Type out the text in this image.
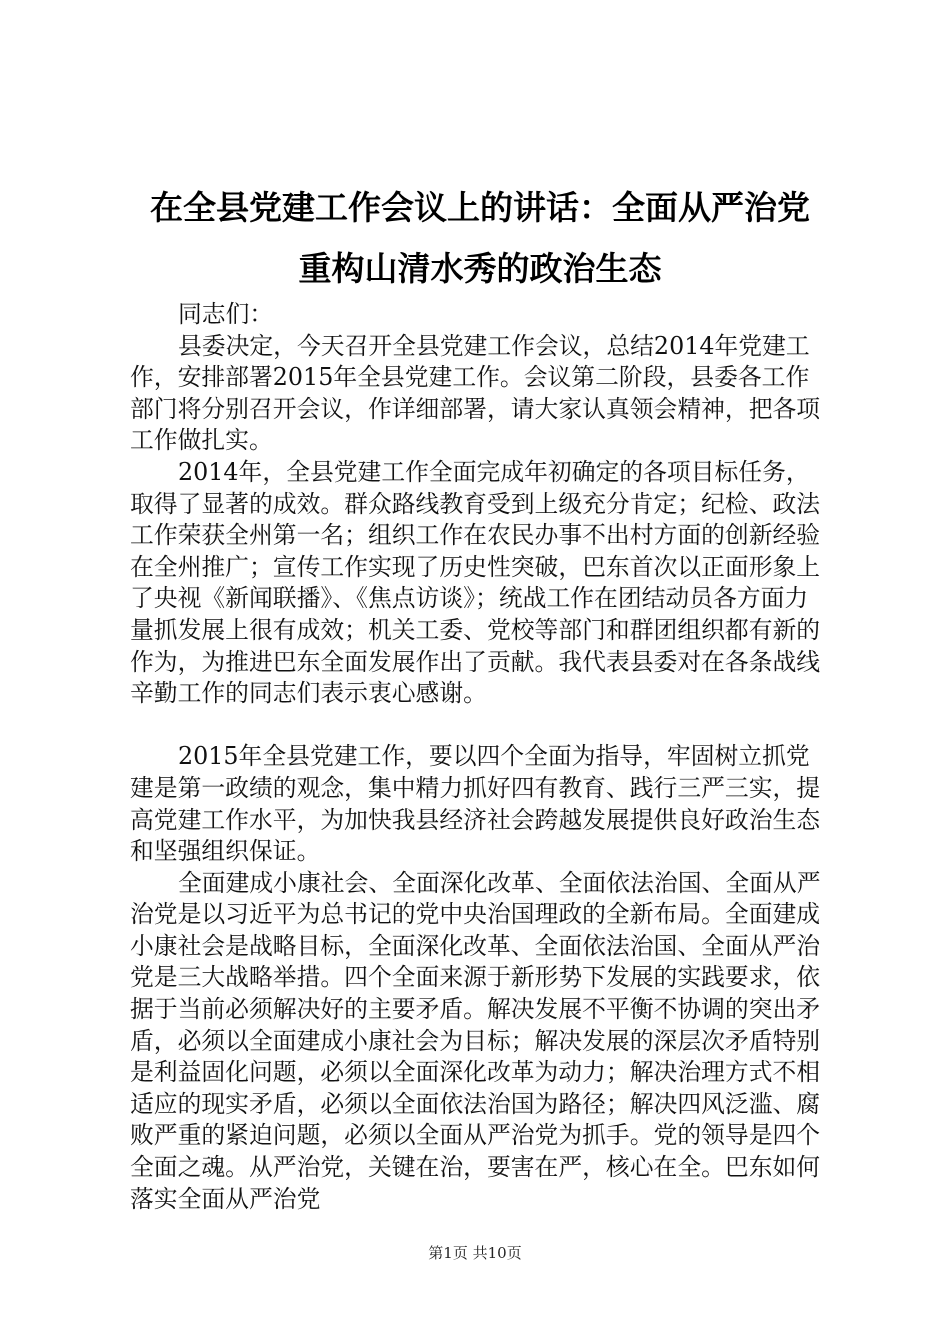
在全县党建工作会议上的讲话：全面从严治党
重构山清水秀的政治生态

同志们：

县委决定，今天召开全县党建工作会议，总结2014年党建工作，安排部署2015年全县党建工作。会议第二阶段，县委各工作部门将分别召开会议，作详细部署，请大家认真领会精神，把各项工作做扎实。

2014年，全县党建工作全面完成年初确定的各项目标任务，取得了显著的成效。群众路线教育受到上级充分肯定；纪检、政法工作荣获全州第一名；组织工作在农民办事不出村方面的创新经验在全州推广；宣传工作实现了历史性突破，巴东首次以正面形象上了央视《新闻联播》、《焦点访谈》；统战工作在团结动员各方面力量抓发展上很有成效；机关工委、党校等部门和群团组织都有新的作为，为推进巴东全面发展作出了贡献。我代表县委对在各条战线辛勤工作的同志们表示衷心感谢。

2015年全县党建工作，要以四个全面为指导，牢固树立抓党建是第一政绩的观念，集中精力抓好四有教育、践行三严三实，提高党建工作水平，为加快我县经济社会跨越发展提供良好政治生态和坚强组织保证。

全面建成小康社会、全面深化改革、全面依法治国、全面从严治党是以习近平为总书记的党中央治国理政的全新布局。全面建成小康社会是战略目标，全面深化改革、全面依法治国、全面从严治党是三大战略举措。四个全面来源于新形势下发展的实践要求，依据于当前必须解决好的主要矛盾。解决发展不平衡不协调的突出矛盾，必须以全面建成小康社会为目标；解决发展的深层次矛盾特别是利益固化问题，必须以全面深化改革为动力；解决治理方式不相适应的现实矛盾，必须以全面依法治国为路径；解决四风泛滥、腐败严重的紧迫问题，必须以全面从严治党为抓手。党的领导是四个全面之魂。从严治党，关键在治，要害在严，核心在全。巴东如何落实全面从严治党

第1页 共10页
